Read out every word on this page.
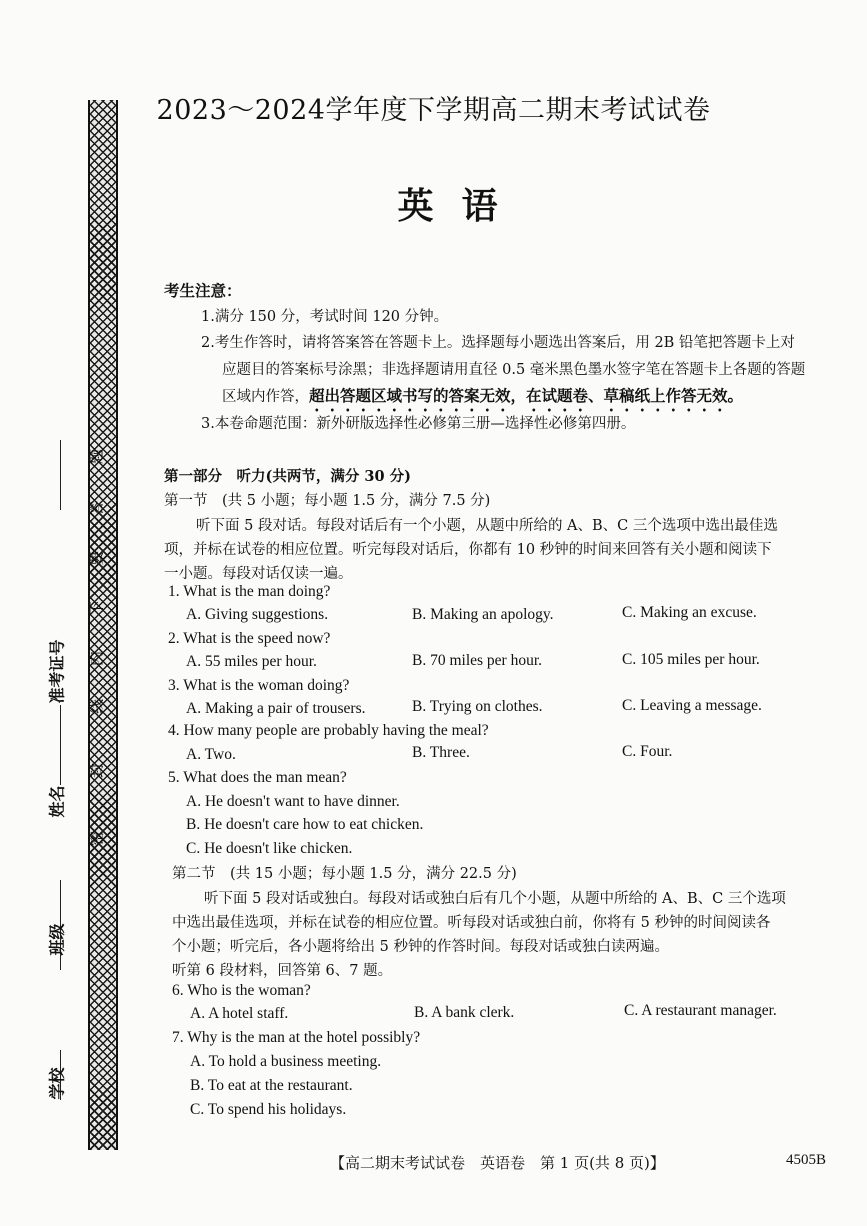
学校
班级
姓名
准考证号
密
封
线
内
不
要
答
题
2023～2024学年度下学期高二期末考试试卷
英语
考生注意：
1.满分 150 分，考试时间 120 分钟。
2.考生作答时，请将答案答在答题卡上。选择题每小题选出答案后，用 2B 铅笔把答题卡上对
应题目的答案标号涂黑；非选择题请用直径 0.5 毫米黑色墨水签字笔在答题卡上各题的答题
区域内作答，超出答题区域书写的答案无效，在试题卷、草稿纸上作答无效。
3.本卷命题范围：新外研版选择性必修第三册—选择性必修第四册。
第一部分　听力(共两节，满分 30 分)
第一节　(共 5 小题；每小题 1.5 分，满分 7.5 分)
听下面 5 段对话。每段对话后有一个小题，从题中所给的 A、B、C 三个选项中选出最佳选
项，并标在试卷的相应位置。听完每段对话后，你都有 10 秒钟的时间来回答有关小题和阅读下
一小题。每段对话仅读一遍。
1. What is the man doing?
A. Giving suggestions.	B. Making an apology.	C. Making an excuse.
2. What is the speed now?
A. 55 miles per hour.	B. 70 miles per hour.	C. 105 miles per hour.
3. What is the woman doing?
A. Making a pair of trousers.	B. Trying on clothes.	C. Leaving a message.
4. How many people are probably having the meal?
A. Two.	B. Three.	C. Four.
5. What does the man mean?
A. He doesn't want to have dinner.
B. He doesn't care how to eat chicken.
C. He doesn't like chicken.
第二节　(共 15 小题；每小题 1.5 分，满分 22.5 分)
听下面 5 段对话或独白。每段对话或独白后有几个小题，从题中所给的 A、B、C 三个选项
中选出最佳选项，并标在试卷的相应位置。听每段对话或独白前，你将有 5 秒钟的时间阅读各
个小题；听完后，各小题将给出 5 秒钟的作答时间。每段对话或独白读两遍。
听第 6 段材料，回答第 6、7 题。
6. Who is the woman?
A. A hotel staff.	B. A bank clerk.	C. A restaurant manager.
7. Why is the man at the hotel possibly?
A. To hold a business meeting.
B. To eat at the restaurant.
C. To spend his holidays.
【高二期末考试试卷　英语卷　第 1 页(共 8 页)】	4505B
